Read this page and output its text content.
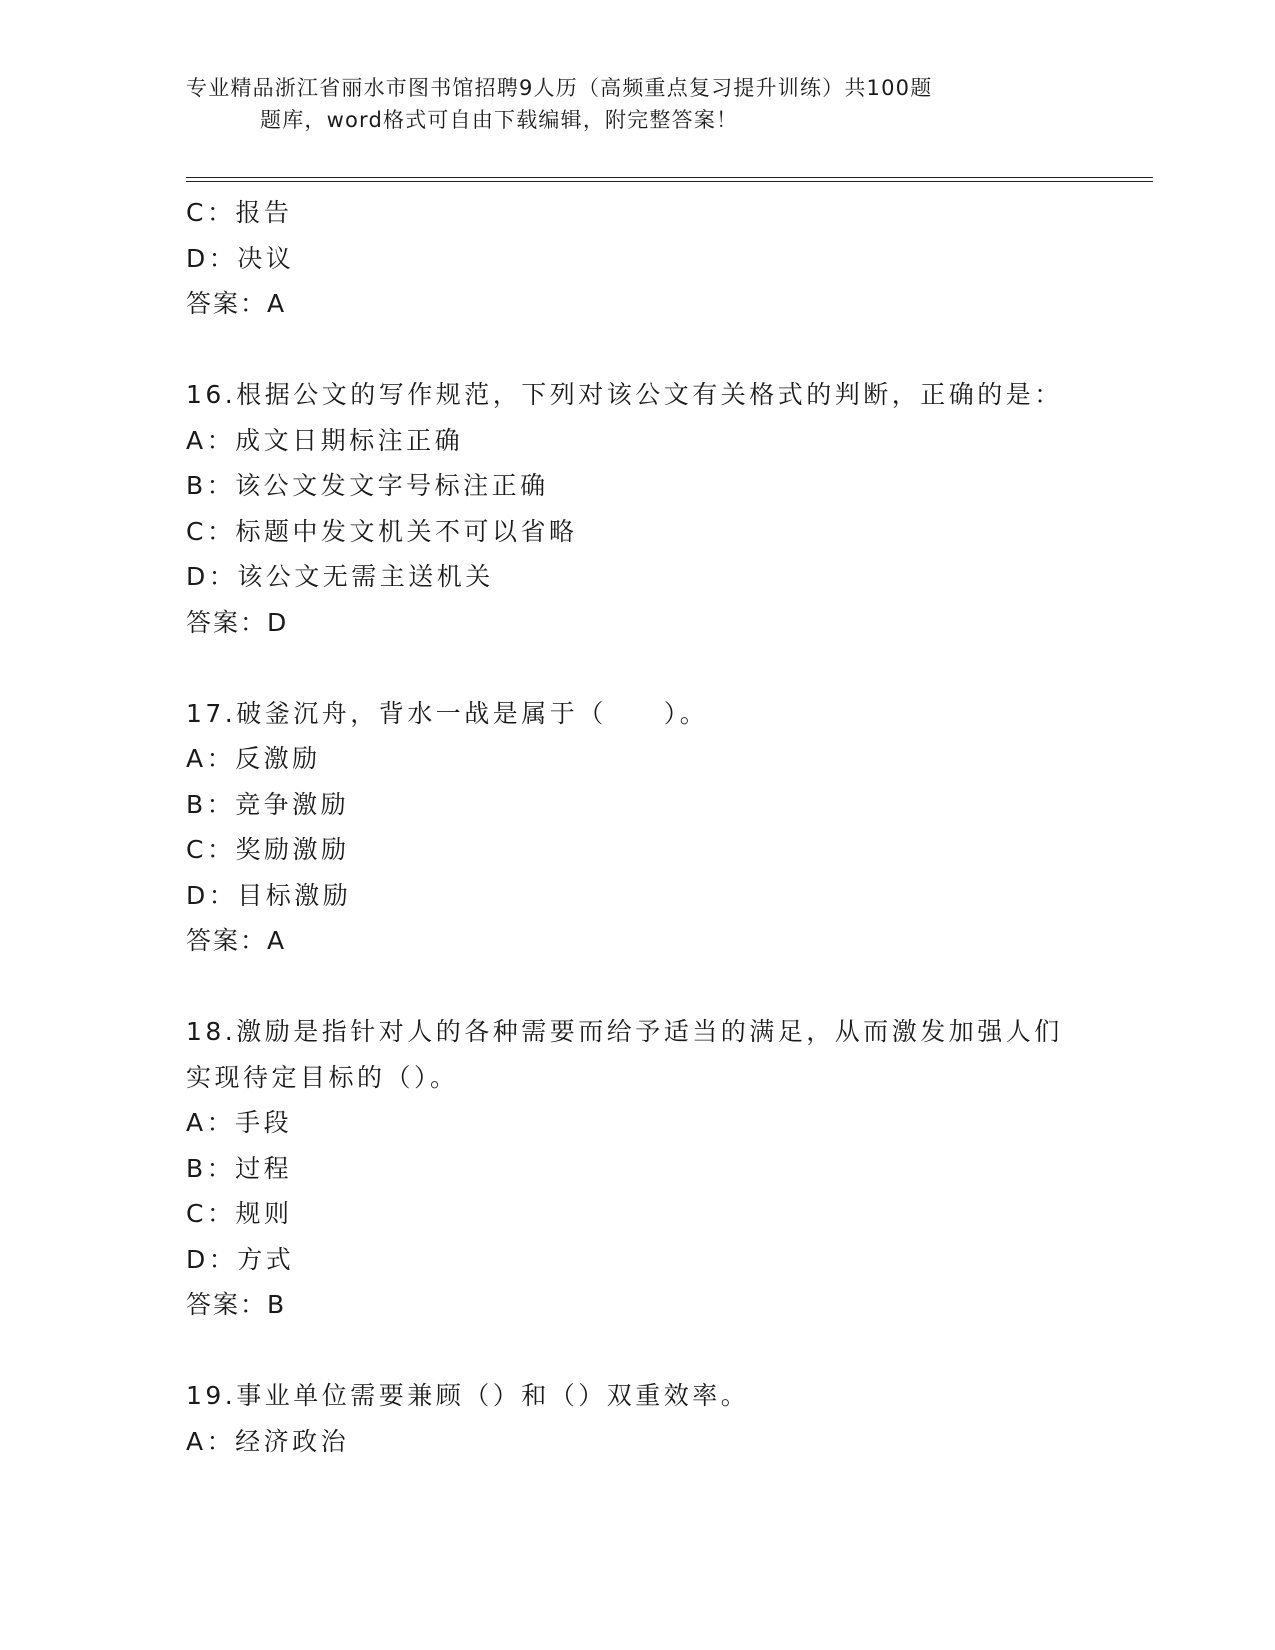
专业精品浙江省丽水市图书馆招聘9人历（高频重点复习提升训练）共100题
题库，word格式可自由下载编辑，附完整答案！
C：报告
D：决议
答案：A
16.根据公文的写作规范，下列对该公文有关格式的判断，正确的是：
A：成文日期标注正确
B：该公文发文字号标注正确
C：标题中发文机关不可以省略
D：该公文无需主送机关
答案：D
17.破釜沉舟，背水一战是属于（　　）。
A：反激励
B：竞争激励
C：奖励激励
D：目标激励
答案：A
18.激励是指针对人的各种需要而给予适当的满足，从而激发加强人们
实现待定目标的（）。
A：手段
B：过程
C：规则
D：方式
答案：B
19.事业单位需要兼顾（）和（）双重效率。
A：经济政治
